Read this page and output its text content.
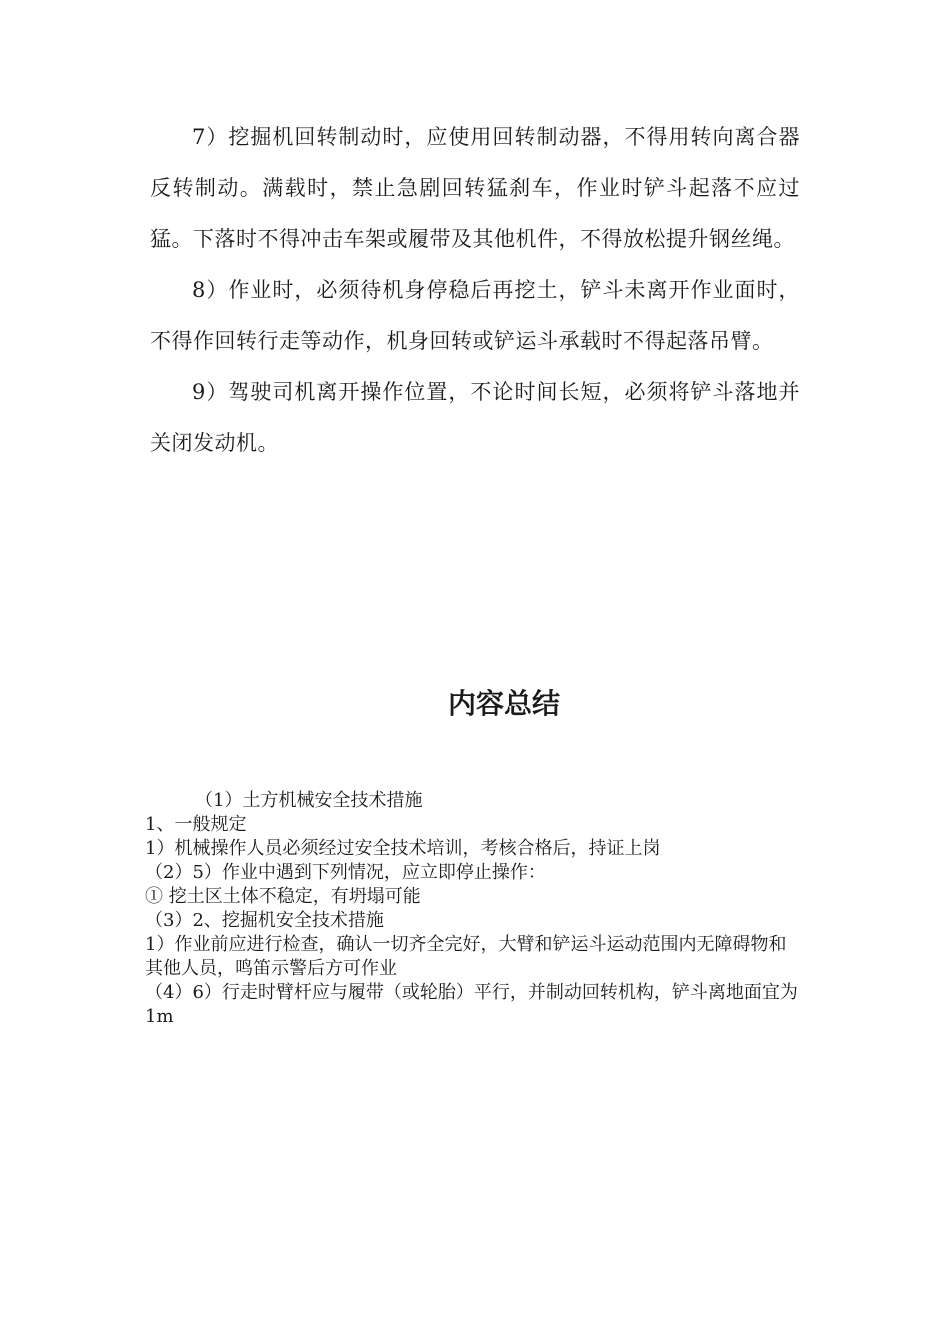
7）挖掘机回转制动时，应使用回转制动器，不得用转向离合器反转制动。满载时，禁止急剧回转猛刹车，作业时铲斗起落不应过猛。下落时不得冲击车架或履带及其他机件，不得放松提升钢丝绳。

8）作业时，必须待机身停稳后再挖土，铲斗未离开作业面时，不得作回转行走等动作，机身回转或铲运斗承载时不得起落吊臂。

9）驾驶司机离开操作位置，不论时间长短，必须将铲斗落地并关闭发动机。

内容总结

（1）土方机械安全技术措施

1、一般规定

1）机械操作人员必须经过安全技术培训，考核合格后，持证上岗

（2）5）作业中遇到下列情况，应立即停止操作：

① 挖土区土体不稳定，有坍塌可能

（3）2、挖掘机安全技术措施

1）作业前应进行检查，确认一切齐全完好，大臂和铲运斗运动范围内无障碍物和其他人员，鸣笛示警后方可作业

（4）6）行走时臂杆应与履带（或轮胎）平行，并制动回转机构，铲斗离地面宜为 1m
